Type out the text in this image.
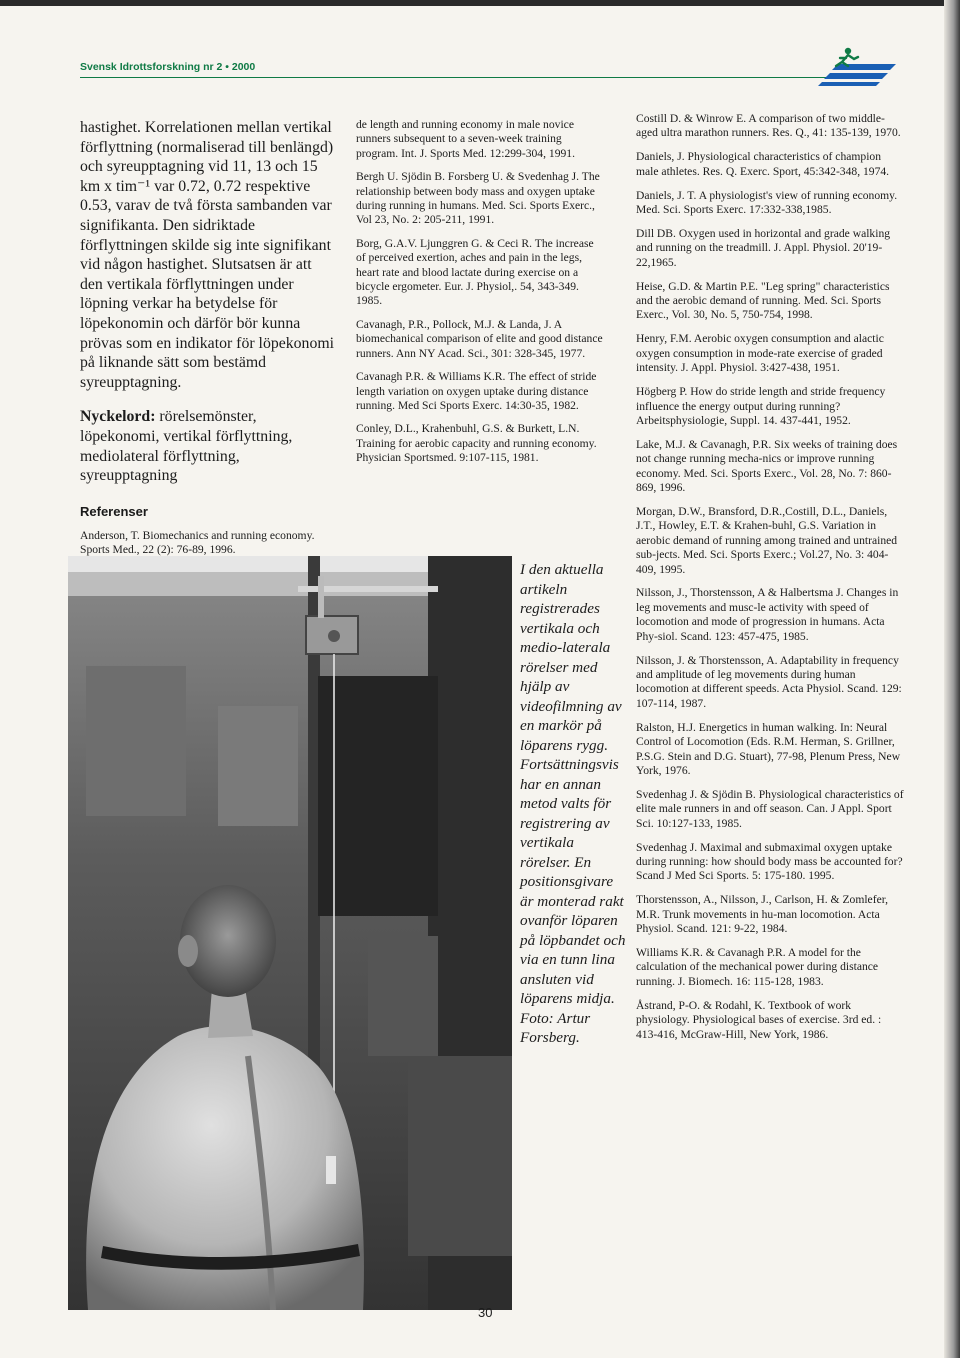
Svensk Idrottsforskning nr 2 • 2000

hastighet. Korrelationen mellan vertikal förflyttning (normaliserad till benlängd) och syreupptagning vid 11, 13 och 15 km x tim⁻¹ var 0.72, 0.72 respektive 0.53, varav de två första sambanden var signifikanta. Den sidriktade förflyttningen skilde sig inte signifikant vid någon hastighet. Slutsatsen är att den vertikala förflyttningen under löpning verkar ha betydelse för löpekonomin och därför bör kunna prövas som en indikator för löpekonomi på liknande sätt som bestämd syreupptagning.

Nyckelord: rörelsemönster, löpekonomi, vertikal förflyttning, mediolateral förflyttning, syreupptagning

Referenser

Anderson, T. Biomechanics and running economy. Sports Med., 22 (2): 76-89, 1996.

de length and running economy in male novice runners subsequent to a seven-week training program. Int. J. Sports Med. 12:299-304, 1991.

Bergh U. Sjödin B. Forsberg U. & Svedenhag J. The relationship between body mass and oxygen uptake during running in humans. Med. Sci. Sports Exerc., Vol 23, No. 2: 205-211, 1991.

Borg, G.A.V. Ljunggren G. & Ceci R. The increase of perceived exertion, aches and pain in the legs, heart rate and blood lactate during exercise on a bicycle ergometer. Eur. J. Physiol,. 54, 343-349. 1985.

Cavanagh, P.R., Pollock, M.J. & Landa, J. A biomechanical comparison of elite and good distance runners. Ann NY Acad. Sci., 301: 328-345, 1977.

Cavanagh P.R. & Williams K.R. The effect of stride length variation on oxygen uptake during distance running. Med Sci Sports Exerc. 14:30-35, 1982.

Conley, D.L., Krahenbuhl, G.S. & Burkett, L.N. Training for aerobic capacity and running economy. Physician Sportsmed. 9:107-115, 1981.

I den aktuella artikeln registrerades vertikala och medio-laterala rörelser med hjälp av videofilmning av en markör på löparens rygg. Fortsättningsvis har en annan metod valts för registrering av vertikala rörelser. En positionsgivare är monterad rakt ovanför löparen på löpbandet och via en tunn lina ansluten vid löparens midja. Foto: Artur Forsberg.

Costill D. & Winrow E. A comparison of two middle-aged ultra marathon runners. Res. Q., 41: 135-139, 1970.

Daniels, J. Physiological characteristics of champion male athletes. Res. Q. Exerc. Sport, 45:342-348, 1974.

Daniels, J. T. A physiologist's view of running economy. Med. Sci. Sports Exerc. 17:332-338,1985.

Dill DB. Oxygen used in horizontal and grade walking and running on the treadmill. J. Appl. Physiol. 20'19-22,1965.

Heise, G.D. & Martin P.E. "Leg spring" characteristics and the aerobic demand of running. Med. Sci. Sports Exerc., Vol. 30, No. 5, 750-754, 1998.

Henry, F.M. Aerobic oxygen consumption and alactic oxygen consumption in mode-rate exercise of graded intensity. J. Appl. Physiol. 3:427-438, 1951.

Högberg P. How do stride length and stride frequency influence the energy output during running? Arbeitsphysiologie, Suppl. 14. 437-441, 1952.

Lake, M.J. & Cavanagh, P.R. Six weeks of training does not change running mecha-nics or improve running economy. Med. Sci. Sports Exerc., Vol. 28, No. 7: 860-869, 1996.

Morgan, D.W., Bransford, D.R.,Costill, D.L., Daniels, J.T., Howley, E.T. & Krahen-buhl, G.S. Variation in aerobic demand of running among trained and untrained sub-jects. Med. Sci. Sports Exerc.; Vol.27, No. 3: 404-409, 1995.

Nilsson, J., Thorstensson, A & Halbertsma J. Changes in leg movements and musc-le activity with speed of locomotion and mode of progression in humans. Acta Phy-siol. Scand. 123: 457-475, 1985.

Nilsson, J. & Thorstensson, A. Adaptability in frequency and amplitude of leg movements during human locomotion at different speeds. Acta Physiol. Scand. 129: 107-114, 1987.

Ralston, H.J. Energetics in human walking. In: Neural Control of Locomotion (Eds. R.M. Herman, S. Grillner, P.S.G. Stein and D.G. Stuart), 77-98, Plenum Press, New York, 1976.

Svedenhag J. & Sjödin B. Physiological characteristics of elite male runners in and off season. Can. J Appl. Sport Sci. 10:127-133, 1985.

Svedenhag J. Maximal and submaximal oxygen uptake during running: how should body mass be accounted for? Scand J Med Sci Sports. 5: 175-180. 1995.

Thorstensson, A., Nilsson, J., Carlson, H. & Zomlefer, M.R. Trunk movements in hu-man locomotion. Acta Physiol. Scand. 121: 9-22, 1984.

Williams K.R. & Cavanagh P.R. A model for the calculation of the mechanical power during distance running. J. Biomech. 16: 115-128, 1983.

Åstrand, P-O. & Rodahl, K. Textbook of work physiology. Physiological bases of exercise. 3rd ed. : 413-416, McGraw-Hill, New York, 1986.

30
